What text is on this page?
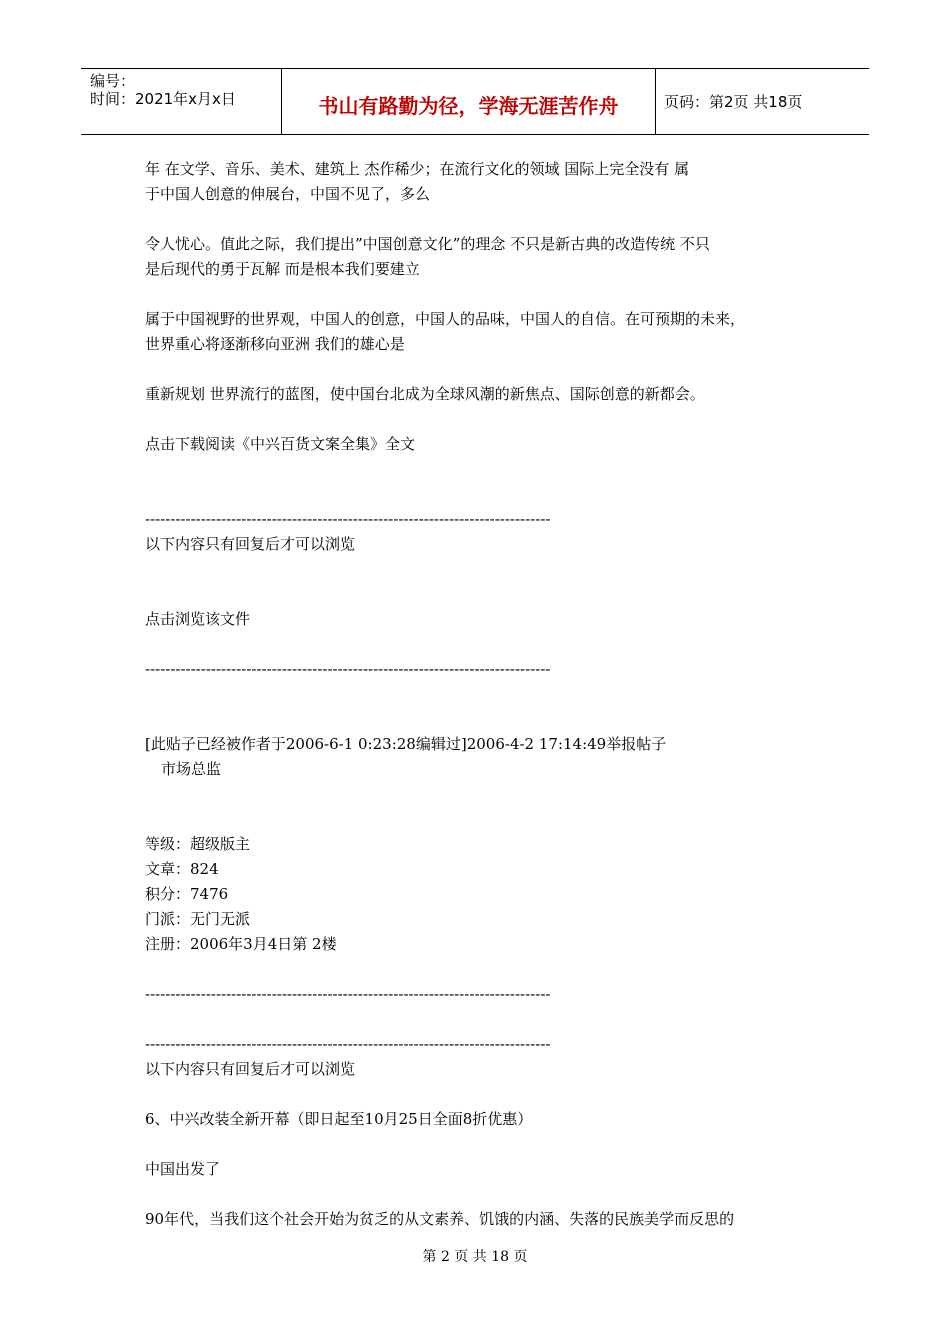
编号：
时间：2021年x月x日	书山有路勤为径，学海无涯苦作舟	页码：第2页 共18页
年 在文学、音乐、美术、建筑上 杰作稀少；在流行文化的领域 国际上完全没有 属
于中国人创意的伸展台，中国不见了，多么
令人忧心。值此之际，我们提出”中国创意文化”的理念 不只是新古典的改造传统 不只
是后现代的勇于瓦解 而是根本我们要建立
属于中国视野的世界观，中国人的创意，中国人的品味，中国人的自信。在可预期的未来，
世界重心将逐渐移向亚洲 我们的雄心是
重新规划 世界流行的蓝图，使中国台北成为全球风潮的新焦点、国际创意的新都会。
点击下载阅读《中兴百货文案全集》全文
--------------------------------------------------------------------------------
以下内容只有回复后才可以浏览
点击浏览该文件
--------------------------------------------------------------------------------
[此贴子已经被作者于2006-6-1 0:23:28编辑过]2006-4-2 17:14:49举报帖子
市场总监
等级：超级版主
文章：824
积分：7476
门派：无门无派
注册：2006年3月4日第 2楼
--------------------------------------------------------------------------------
--------------------------------------------------------------------------------
以下内容只有回复后才可以浏览
6、中兴改装全新开幕（即日起至10月25日全面8折优惠）
中国出发了
90年代，当我们这个社会开始为贫乏的从文素养、饥饿的内涵、失落的民族美学而反思的
第 2 页 共 18 页
